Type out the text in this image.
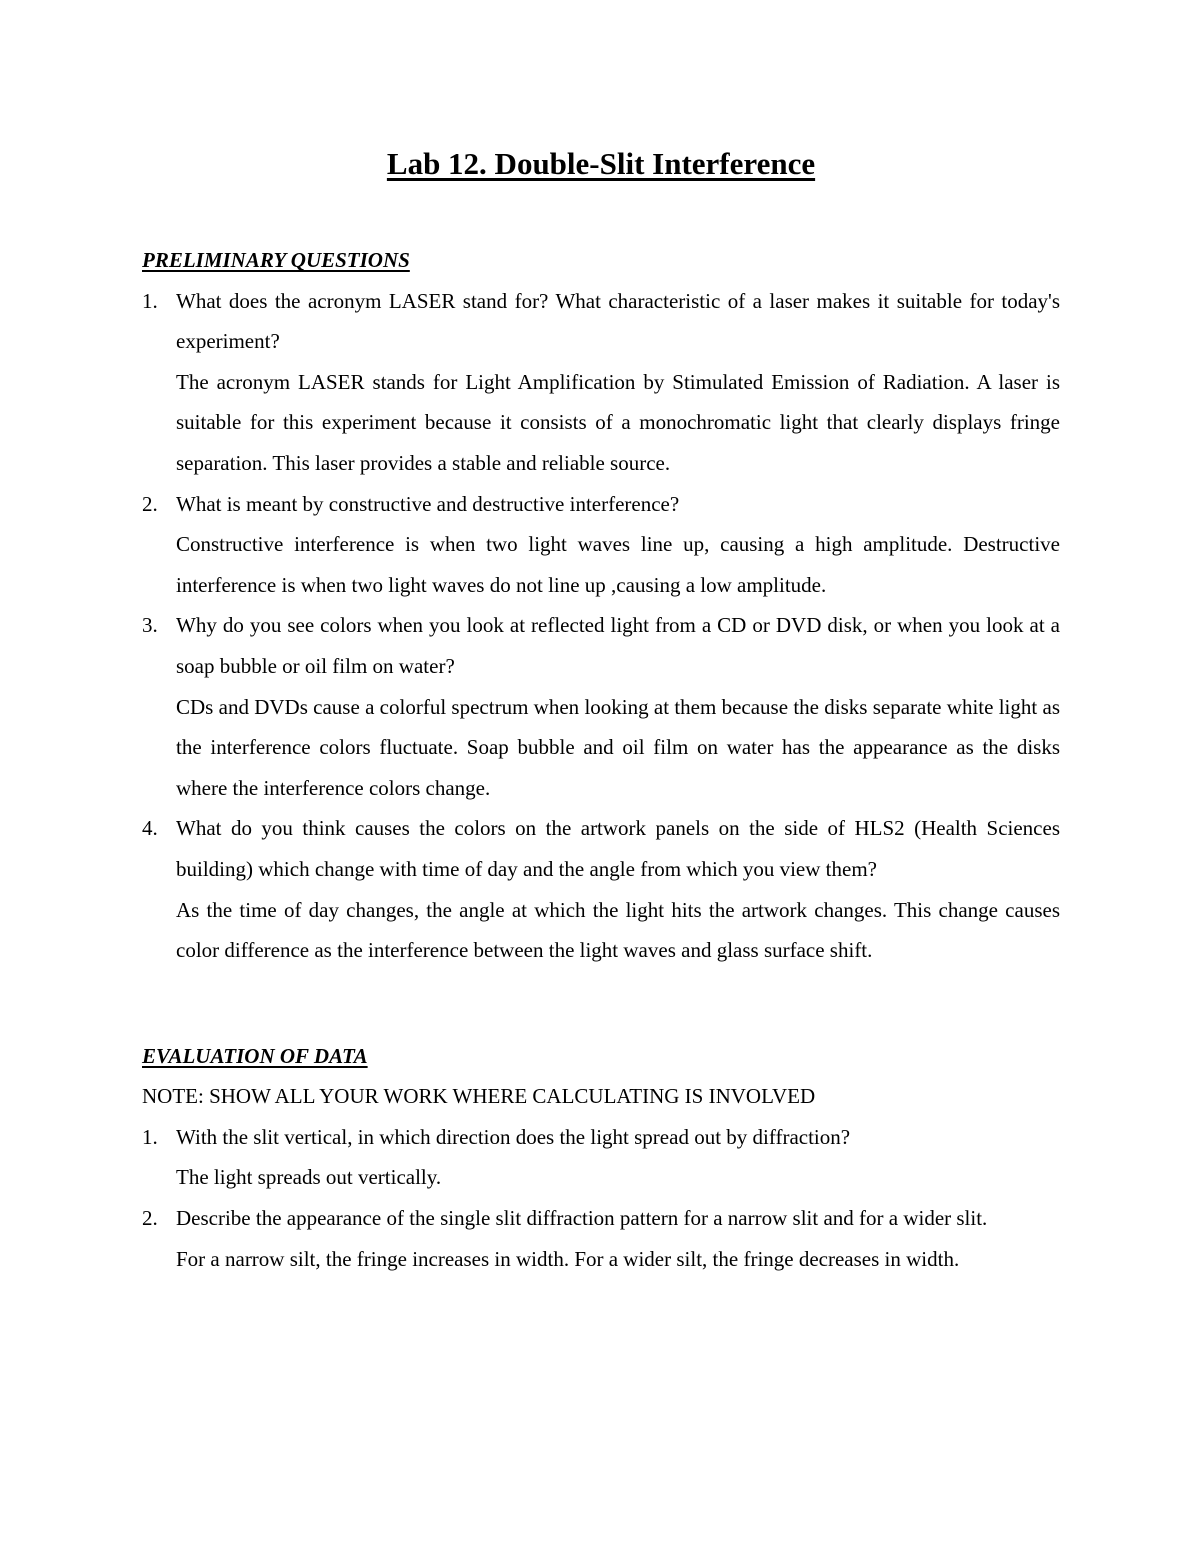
Lab 12. Double-Slit Interference

PRELIMINARY QUESTIONS

1. What does the acronym LASER stand for? What characteristic of a laser makes it suitable for today's experiment?
The acronym LASER stands for Light Amplification by Stimulated Emission of Radiation. A laser is suitable for this experiment because it consists of a monochromatic light that clearly displays fringe separation. This laser provides a stable and reliable source.
2. What is meant by constructive and destructive interference?
Constructive interference is when two light waves line up, causing a high amplitude. Destructive interference is when two light waves do not line up ,causing a low amplitude.
3. Why do you see colors when you look at reflected light from a CD or DVD disk, or when you look at a soap bubble or oil film on water?
CDs and DVDs cause a colorful spectrum when looking at them because the disks separate white light as the interference colors fluctuate. Soap bubble and oil film on water has the appearance as the disks where the interference colors change.
4. What do you think causes the colors on the artwork panels on the side of HLS2 (Health Sciences building) which change with time of day and the angle from which you view them?
As the time of day changes, the angle at which the light hits the artwork changes. This change causes color difference as the interference between the light waves and glass surface shift.

EVALUATION OF DATA

NOTE: SHOW ALL YOUR WORK WHERE CALCULATING IS INVOLVED

1. With the slit vertical, in which direction does the light spread out by diffraction?
The light spreads out vertically.
2. Describe the appearance of the single slit diffraction pattern for a narrow slit and for a wider slit.
For a narrow silt, the fringe increases in width. For a wider silt, the fringe decreases in width.
